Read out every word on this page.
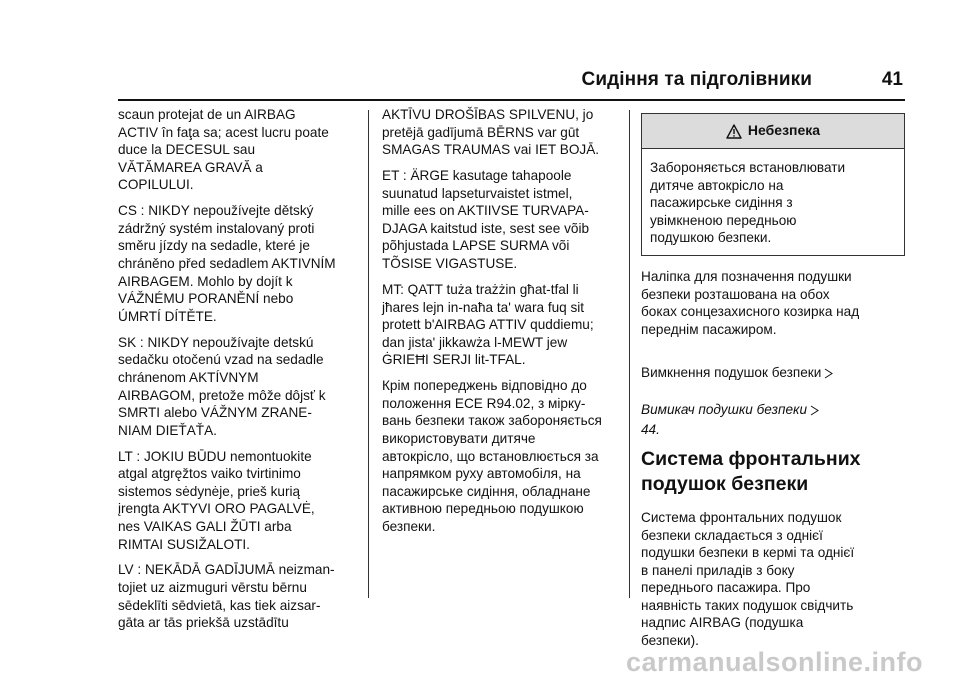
Сидіння та підголівники	41

scaun protejat de un AIRBAG
ACTIV în faţa sa; acest lucru poate
duce la DECESUL sau
VĂTĂMAREA GRAVĂ a
COPILULUI.

CS : NIKDY nepoužívejte dětský
zádržný systém instalovaný proti
směru jízdy na sedadle, které je
chráněno před sedadlem AKTIVNÍM
AIRBAGEM. Mohlo by dojít k
VÁŽNÉMU PORANĚNÍ nebo
ÚMRTÍ DÍTĚTE.

SK : NIKDY nepoužívajte detskú
sedačku otočenú vzad na sedadle
chránenom AKTÍVNYM
AIRBAGOM, pretože môže dôjsť k
SMRTI alebo VÁŽNYM ZRANE-
NIAM DIEŤAŤA.

LT : JOKIU BŪDU nemontuokite
atgal atgręžtos vaiko tvirtinimo
sistemos sėdynėje, prieš kurią
įrengta AKTYVI ORO PAGALVĖ,
nes VAIKAS GALI ŽŪTI arba
RIMTAI SUSIŽALOTI.

LV : NEKĀDĀ GADĪJUMĀ neizman-
tojiet uz aizmuguri vērstu bērnu
sēdeklīti sēdvietā, kas tiek aizsar-
gāta ar tās priekšā uzstādītu

AKTĪVU DROŠĪBAS SPILVENU, jo
pretējā gadījumā BĒRNS var gūt
SMAGAS TRAUMAS vai IET BOJĀ.

ET : ÄRGE kasutage tahapoole
suunatud lapseturvaistet istmel,
mille ees on AKTIIVSE TURVAPA-
DJAGA kaitstud iste, sest see võib
põhjustada LAPSE SURMA või
TÕSISE VIGASTUSE.

MT: QATT tuża trażżin għat-tfal li
jħares lejn in-naħa ta' wara fuq sit
protett b'AIRBAG ATTIV quddiemu;
dan jista' jikkawża l-MEWT jew
ĠRIEĦI SERJI lit-TFAL.

Крім попереджень відповідно до
положення ЕСЕ R94.02, з мірку-
вань безпеки також забороняється
використовувати дитяче
автокрісло, що встановлюється за
напрямком руху автомобіля, на
пасажирське сидіння, обладнане
активною передньою подушкою
безпеки.

Небезпека
Забороняється встановлювати
дитяче автокрісло на
пасажирське сидіння з
увімкненою передньою
подушкою безпеки.

Наліпка для позначення подушки
безпеки розташована на обох
боках сонцезахисного козирка над
переднім пасажиром.

Вимкнення подушок безпеки

Вимикач подушки безпеки
44.

Система фронтальних
подушок безпеки

Система фронтальних подушок
безпеки складається з однієї
подушки безпеки в кермі та однієї
в панелі приладів з боку
переднього пасажира. Про
наявність таких подушок свідчить
надпис AIRBAG (подушка
безпеки).

carmanualsonline.info
